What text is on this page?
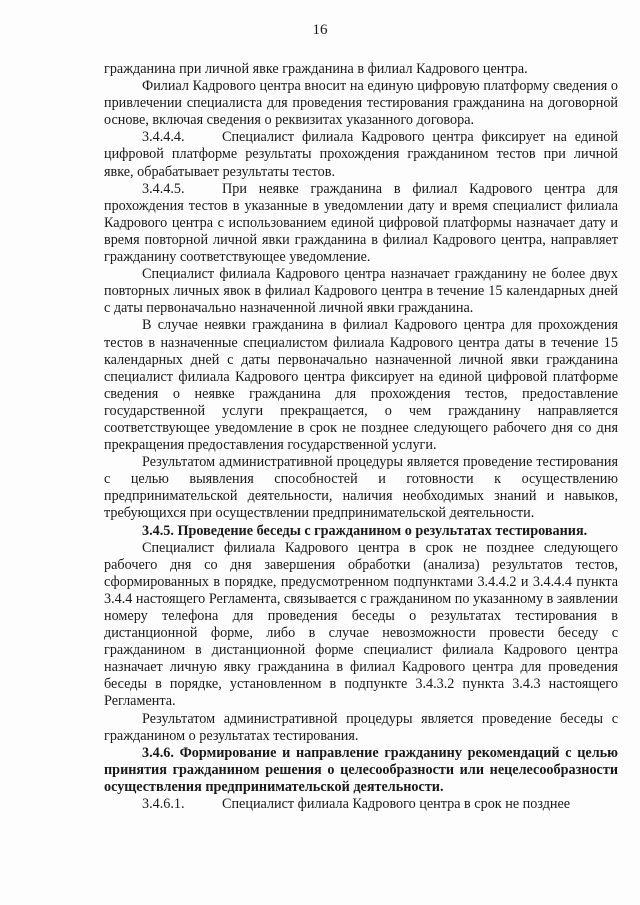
16

гражданина при личной явке гражданина в филиал Кадрового центра.

Филиал Кадрового центра вносит на единую цифровую платформу сведения о привлечении специалиста для проведения тестирования гражданина на договорной основе, включая сведения о реквизитах указанного договора.

3.4.4.4.	Специалист филиала Кадрового центра фиксирует на единой цифровой платформе результаты прохождения гражданином тестов при личной явке, обрабатывает результаты тестов.

3.4.4.5.	При неявке гражданина в филиал Кадрового центра для прохождения тестов в указанные в уведомлении дату и время специалист филиала Кадрового центра с использованием единой цифровой платформы назначает дату и время повторной личной явки гражданина в филиал Кадрового центра, направляет гражданину соответствующее уведомление.

Специалист филиала Кадрового центра назначает гражданину не более двух повторных личных явок в филиал Кадрового центра в течение 15 календарных дней с даты первоначально назначенной личной явки гражданина.

В случае неявки гражданина в филиал Кадрового центра для прохождения тестов в назначенные специалистом филиала Кадрового центра даты в течение 15 календарных дней с даты первоначально назначенной личной явки гражданина специалист филиала Кадрового центра фиксирует на единой цифровой платформе сведения о неявке гражданина для прохождения тестов, предоставление государственной услуги прекращается, о чем гражданину направляется соответствующее уведомление в срок не позднее следующего рабочего дня со дня прекращения предоставления государственной услуги.

Результатом административной процедуры является проведение тестирования с целью выявления способностей и готовности к осуществлению предпринимательской деятельности, наличия необходимых знаний и навыков, требующихся при осуществлении предпринимательской деятельности.

3.4.5. Проведение беседы с гражданином о результатах тестирования.

Специалист филиала Кадрового центра в срок не позднее следующего рабочего дня со дня завершения обработки (анализа) результатов тестов, сформированных в порядке, предусмотренном подпунктами 3.4.4.2 и 3.4.4.4 пункта 3.4.4 настоящего Регламента, связывается с гражданином по указанному в заявлении номеру телефона для проведения беседы о результатах тестирования в дистанционной форме, либо в случае невозможности провести беседу с гражданином в дистанционной форме специалист филиала Кадрового центра назначает личную явку гражданина в филиал Кадрового центра для проведения беседы в порядке, установленном в подпункте 3.4.3.2 пункта 3.4.3 настоящего Регламента.

Результатом административной процедуры является проведение беседы с гражданином о результатах тестирования.

3.4.6. Формирование и направление гражданину рекомендаций с целью принятия гражданином решения о целесообразности или нецелесообразности осуществления предпринимательской деятельности.

3.4.6.1.	Специалист филиала Кадрового центра в срок не позднее
